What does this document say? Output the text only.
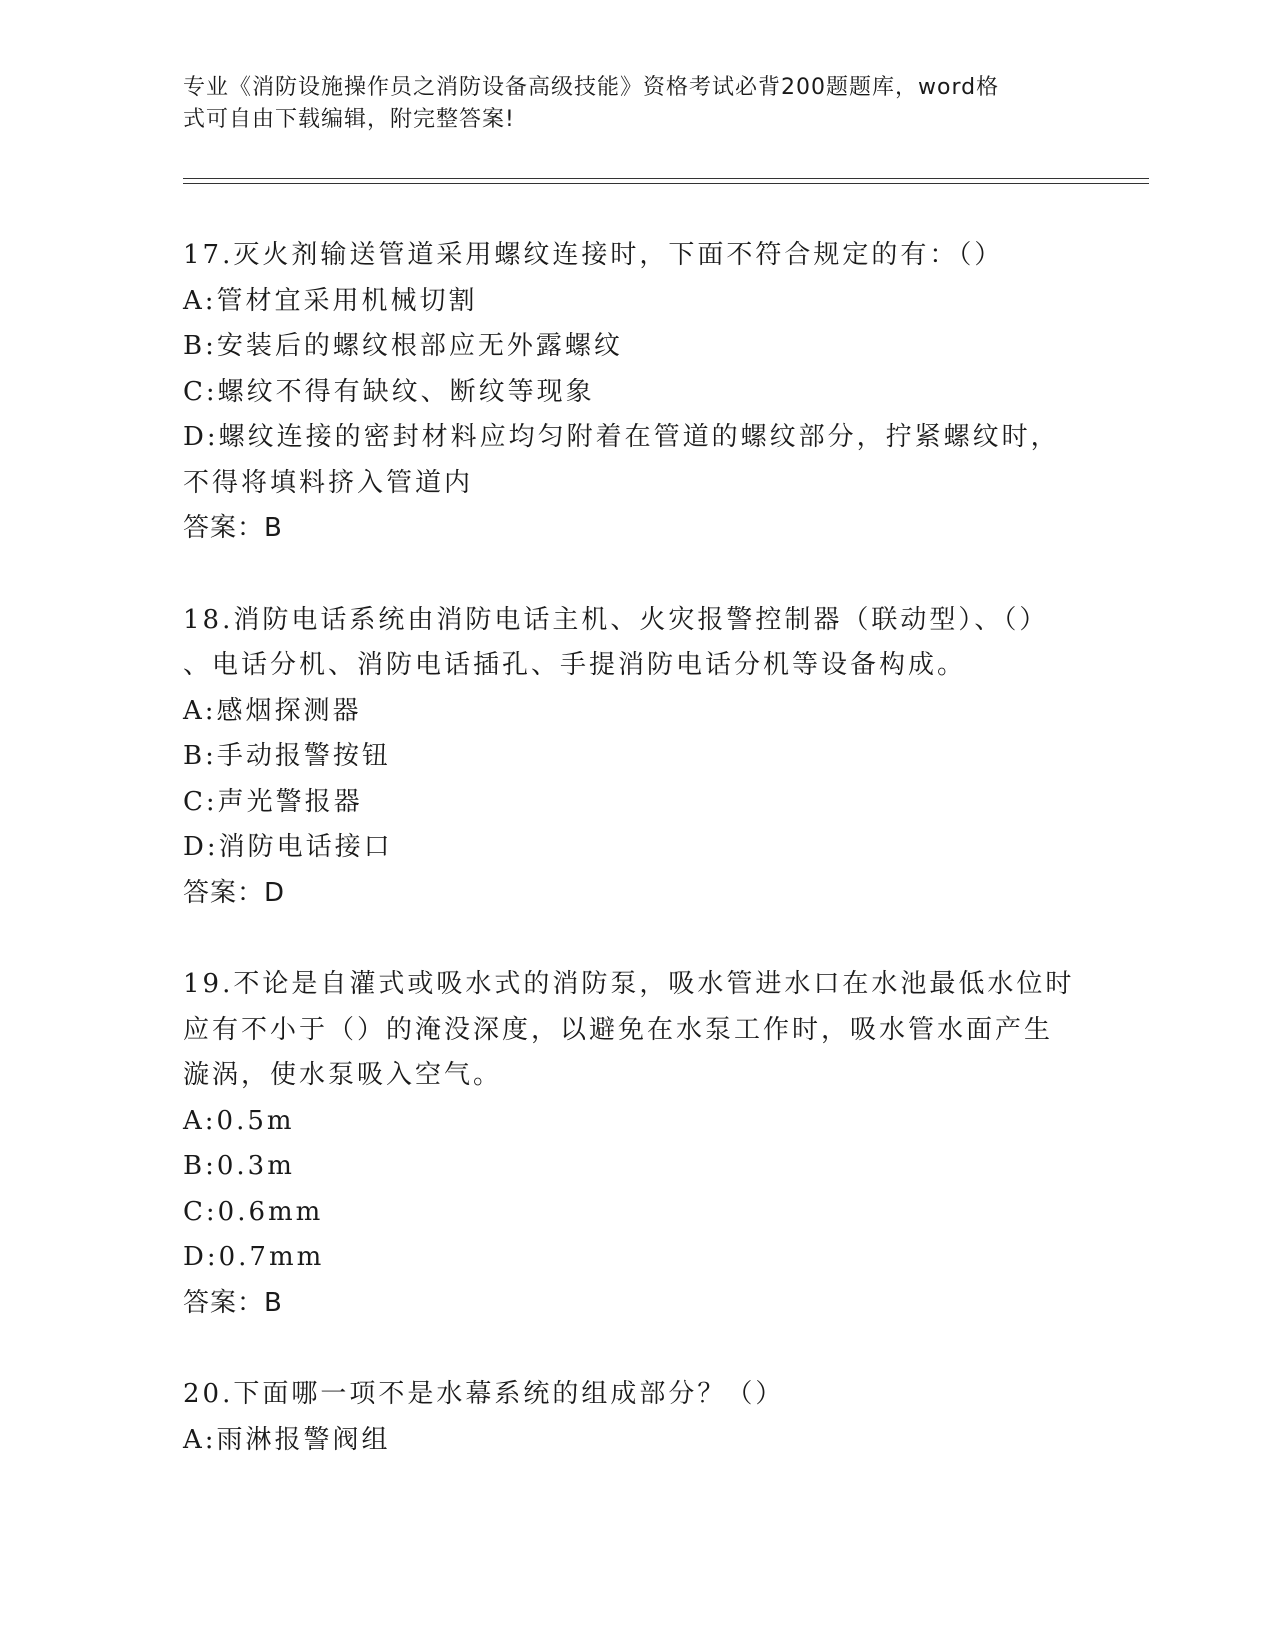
专业《消防设施操作员之消防设备高级技能》资格考试必背200题题库，word格
式可自由下载编辑，附完整答案!
17.灭火剂输送管道采用螺纹连接时，下面不符合规定的有：（）
A:管材宜采用机械切割
B:安装后的螺纹根部应无外露螺纹
C:螺纹不得有缺纹、断纹等现象
D:螺纹连接的密封材料应均匀附着在管道的螺纹部分，拧紧螺纹时，
不得将填料挤入管道内
答案：B
18.消防电话系统由消防电话主机、火灾报警控制器（联动型）、（）
、电话分机、消防电话插孔、手提消防电话分机等设备构成。
A:感烟探测器
B:手动报警按钮
C:声光警报器
D:消防电话接口
答案：D
19.不论是自灌式或吸水式的消防泵，吸水管进水口在水池最低水位时
应有不小于（）的淹没深度，以避免在水泵工作时，吸水管水面产生
漩涡，使水泵吸入空气。
A:0.5m
B:0.3m
C:0.6mm
D:0.7mm
答案：B
20.下面哪一项不是水幕系统的组成部分？（）
A:雨淋报警阀组
